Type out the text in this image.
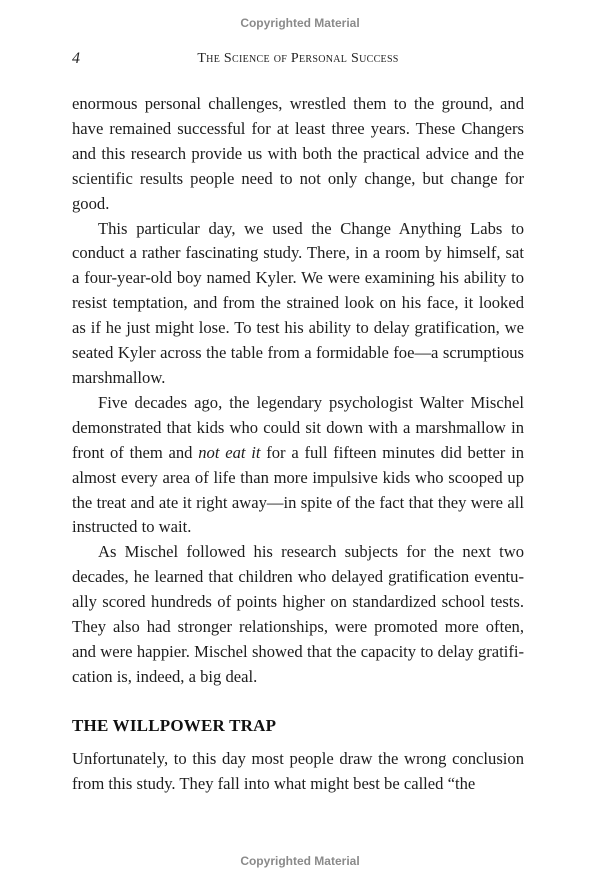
Copyrighted Material
4	The Science of Personal Success

enormous personal challenges, wrestled them to the ground, and have remained successful for at least three years. These Changers and this research provide us with both the practical advice and the scientific results people need to not only change, but change for good.

This particular day, we used the Change Anything Labs to conduct a rather fascinating study. There, in a room by himself, sat a four-year-old boy named Kyler. We were examining his ability to resist temptation, and from the strained look on his face, it looked as if he just might lose. To test his ability to delay gratification, we seated Kyler across the table from a formidable foe—a scrumptious marshmallow.

Five decades ago, the legendary psychologist Walter Mischel demonstrated that kids who could sit down with a marshmallow in front of them and not eat it for a full fifteen minutes did better in almost every area of life than more impulsive kids who scooped up the treat and ate it right away—in spite of the fact that they were all instructed to wait.

As Mischel followed his research subjects for the next two decades, he learned that children who delayed gratification eventually scored hundreds of points higher on standardized school tests. They also had stronger relationships, were promoted more often, and were happier. Mischel showed that the capacity to delay gratification is, indeed, a big deal.

THE WILLPOWER TRAP

Unfortunately, to this day most people draw the wrong conclusion from this study. They fall into what might best be called “the

Copyrighted Material
